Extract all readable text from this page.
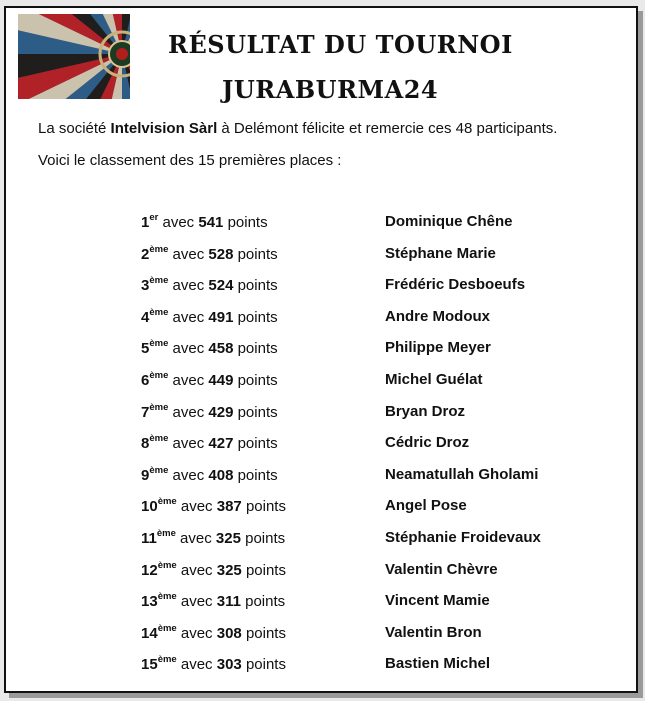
RÉSULTAT DU TOURNOI
JURABURMA24

La société Intelvision Sàrl à Delémont félicite et remercie ces 48 participants.

Voici le classement des 15 premières places :

1er avec 541 points	Dominique Chêne
2ème avec 528 points	Stéphane Marie
3ème avec 524 points	Frédéric Desboeufs
4ème avec 491 points	Andre Modoux
5ème avec 458 points	Philippe Meyer
6ème avec 449 points	Michel Guélat
7ème avec 429 points	Bryan Droz
8ème avec 427 points	Cédric Droz
9ème avec 408 points	Neamatullah Gholami
10ème avec 387 points	Angel Pose
11ème avec 325 points	Stéphanie Froidevaux
12ème avec 325 points	Valentin Chèvre
13ème avec 311 points	Vincent Mamie
14ème avec 308 points	Valentin Bron
15ème avec 303 points	Bastien Michel
